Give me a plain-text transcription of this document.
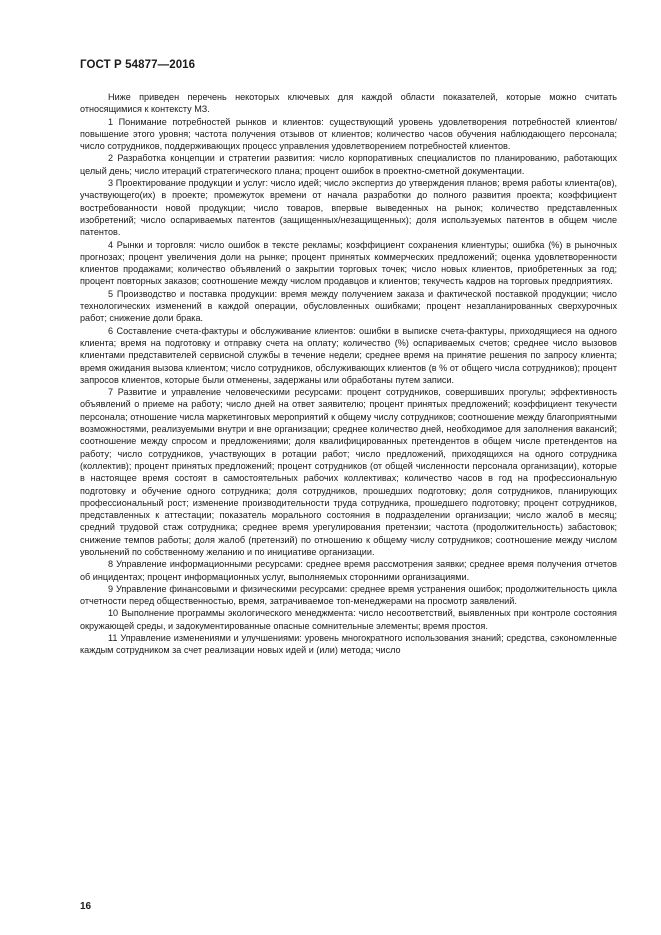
ГОСТ Р 54877—2016

Ниже приведен перечень некоторых ключевых для каждой области показателей, которые можно считать относящимися к контексту МЗ.

1 Понимание потребностей рынков и клиентов: существующий уровень удовлетворения потребностей клиентов/повышение этого уровня; частота получения отзывов от клиентов; количество часов обучения наблюдающего персонала; число сотрудников, поддерживающих процесс управления удовлетворением потребностей клиентов.

2 Разработка концепции и стратегии развития: число корпоративных специалистов по планированию, работающих целый день; число итераций стратегического плана; процент ошибок в проектно-сметной документации.

3 Проектирование продукции и услуг: число идей; число экспертиз до утверждения планов; время работы клиента(ов), участвующего(их) в проекте; промежуток времени от начала разработки до полного развития проекта; коэффициент востребованности новой продукции; число товаров, впервые выведенных на рынок; количество представленных изобретений; число оспариваемых патентов (защищенных/незащищенных); доля используемых патентов в общем числе патентов.

4 Рынки и торговля: число ошибок в тексте рекламы; коэффициент сохранения клиентуры; ошибка (%) в рыночных прогнозах; процент увеличения доли на рынке; процент принятых коммерческих предложений; оценка удовлетворенности клиентов продажами; количество объявлений о закрытии торговых точек; число новых клиентов, приобретенных за год; процент повторных заказов; соотношение между числом продавцов и клиентов; текучесть кадров на торговых предприятиях.

5 Производство и поставка продукции: время между получением заказа и фактической поставкой продукции; число технологических изменений в каждой операции, обусловленных ошибками; процент незапланированных сверхурочных работ; снижение доли брака.

6 Составление счета-фактуры и обслуживание клиентов: ошибки в выписке счета-фактуры, приходящиеся на одного клиента; время на подготовку и отправку счета на оплату; количество (%) оспариваемых счетов; среднее число вызовов клиентами представителей сервисной службы в течение недели; среднее время на принятие решения по запросу клиента; время ожидания вызова клиентом; число сотрудников, обслуживающих клиентов (в % от общего числа сотрудников); процент запросов клиентов, которые были отменены, задержаны или обработаны путем записи.

7 Развитие и управление человеческими ресурсами: процент сотрудников, совершивших прогулы; эффективность объявлений о приеме на работу; число дней на ответ заявителю; процент принятых предложений; коэффициент текучести персонала; отношение числа маркетинговых мероприятий к общему числу сотрудников; соотношение между благоприятными возможностями, реализуемыми внутри и вне организации; среднее количество дней, необходимое для заполнения вакансий; соотношение между спросом и предложениями; доля квалифицированных претендентов в общем числе претендентов на работу; число сотрудников, участвующих в ротации работ; число предложений, приходящихся на одного сотрудника (коллектив); процент принятых предложений; процент сотрудников (от общей численности персонала организации), которые в настоящее время состоят в самостоятельных рабочих коллективах; количество часов в год на профессиональную подготовку и обучение одного сотрудника; доля сотрудников, прошедших подготовку; доля сотрудников, планирующих профессиональный рост; изменение производительности труда сотрудника, прошедшего подготовку; процент сотрудников, представленных к аттестации; показатель морального состояния в подразделении организации; число жалоб в месяц; средний трудовой стаж сотрудника; среднее время урегулирования претензии; частота (продолжительность) забастовок; снижение темпов работы; доля жалоб (претензий) по отношению к общему числу сотрудников; соотношение между числом увольнений по собственному желанию и по инициативе организации.

8 Управление информационными ресурсами: среднее время рассмотрения заявки; среднее время получения отчетов об инцидентах; процент информационных услуг, выполняемых сторонними организациями.

9 Управление финансовыми и физическими ресурсами: среднее время устранения ошибок; продолжительность цикла отчетности перед общественностью, время, затрачиваемое топ-менеджерами на просмотр заявлений.

10 Выполнение программы экологического менеджмента: число несоответствий, выявленных при контроле состояния окружающей среды, и задокументированные опасные сомнительные элементы; время простоя.

11 Управление изменениями и улучшениями: уровень многократного использования знаний; средства, сэкономленные каждым сотрудником за счет реализации новых идей и (или) метода; число

16
